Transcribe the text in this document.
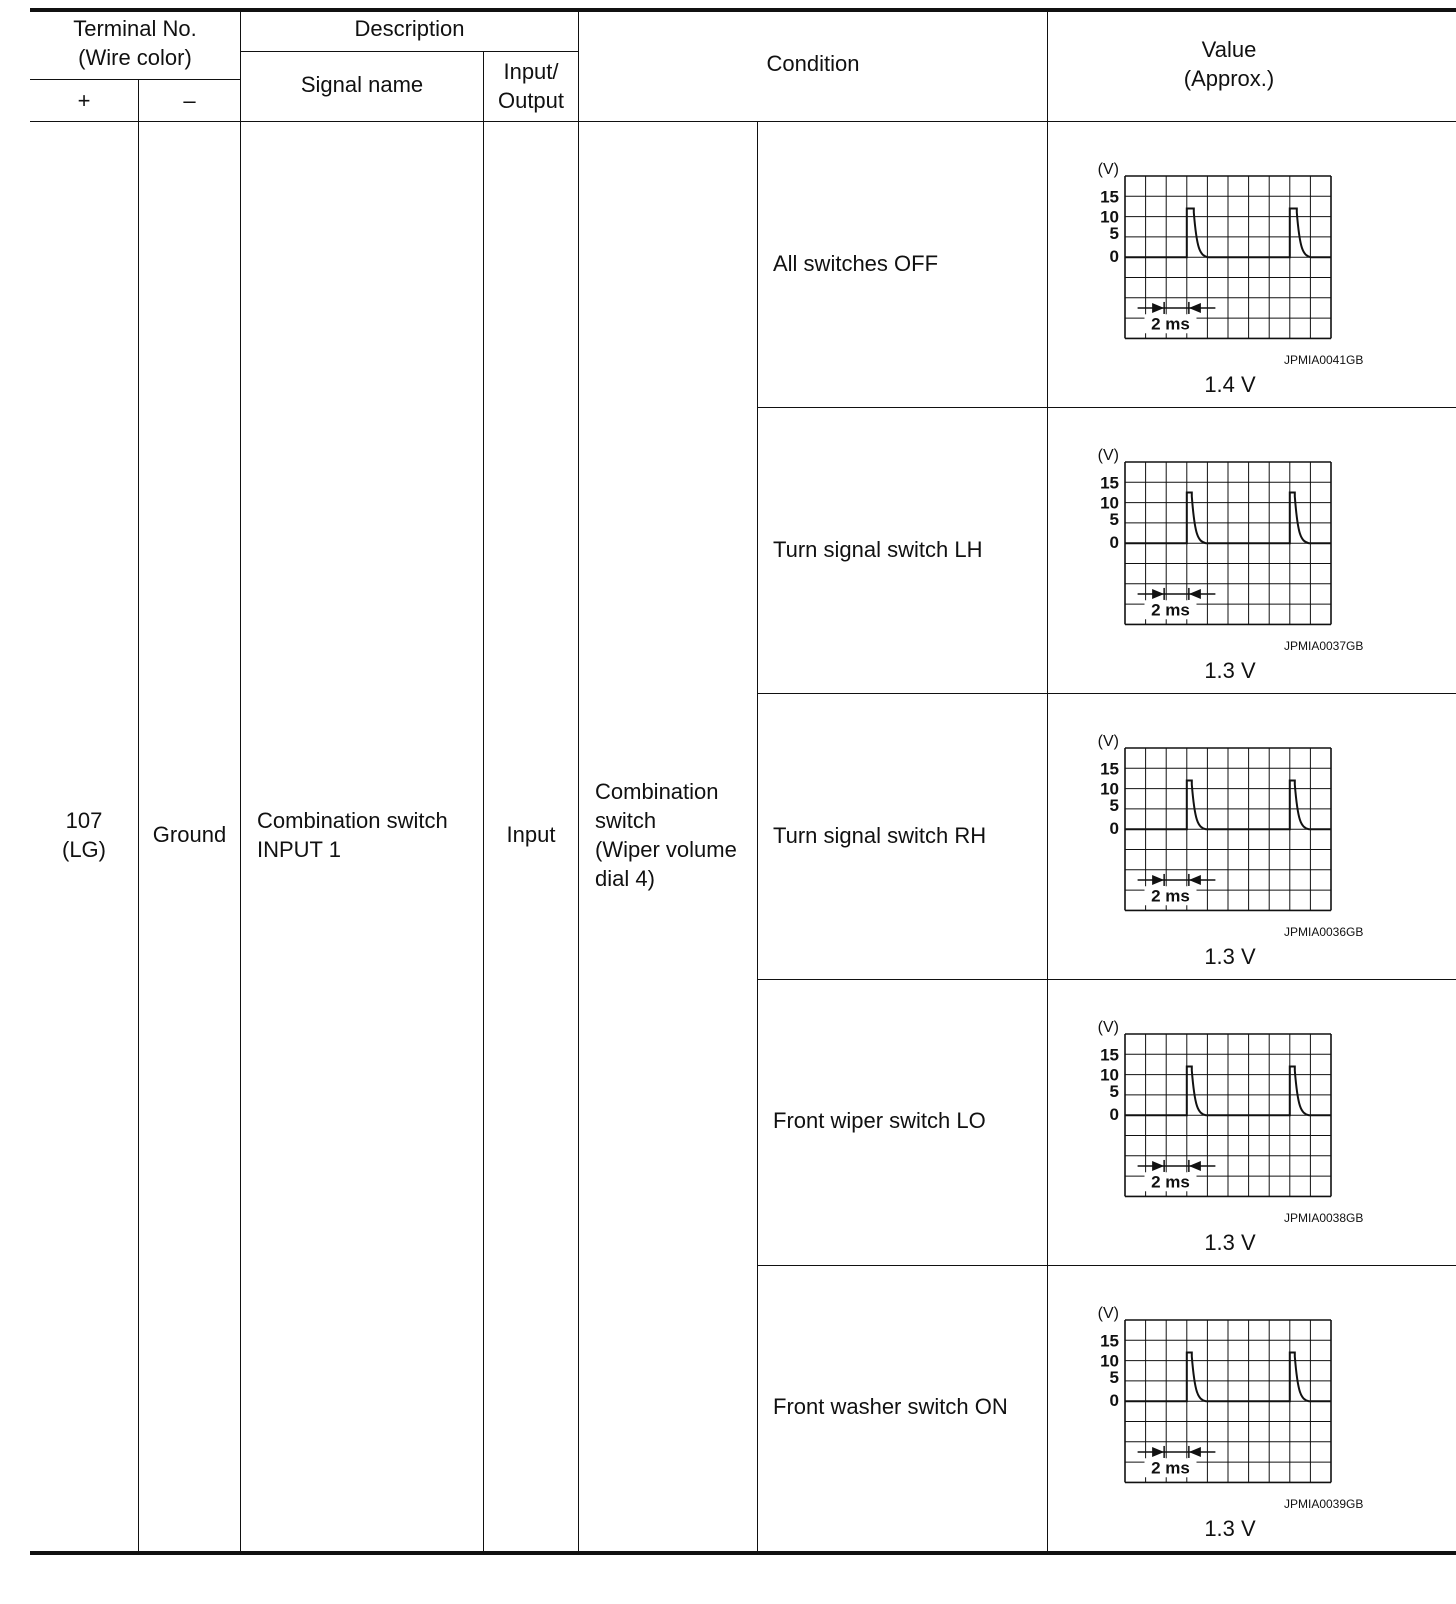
Terminal No.
(Wire color)
+	–
Description
Signal name
Input/
Output
Condition
Value
(Approx.)
107
(LG)
Ground
Combination switch
INPUT 1
Input
Combination
switch
(Wiper volume
dial 4)
All switches OFF
Turn signal switch LH
Turn signal switch RH
Front wiper switch LO
Front washer switch ON
JPMIA0041GB
1.4 V
JPMIA0037GB
1.3 V
JPMIA0036GB
1.3 V
JPMIA0038GB
1.3 V
JPMIA0039GB
1.3 V
(V)
15
10
5
0
2 ms
(V)
15
10
5
0
2 ms
(V)
15
10
5
0
2 ms
(V)
15
10
5
0
2 ms
(V)
15
10
5
0
2 ms
